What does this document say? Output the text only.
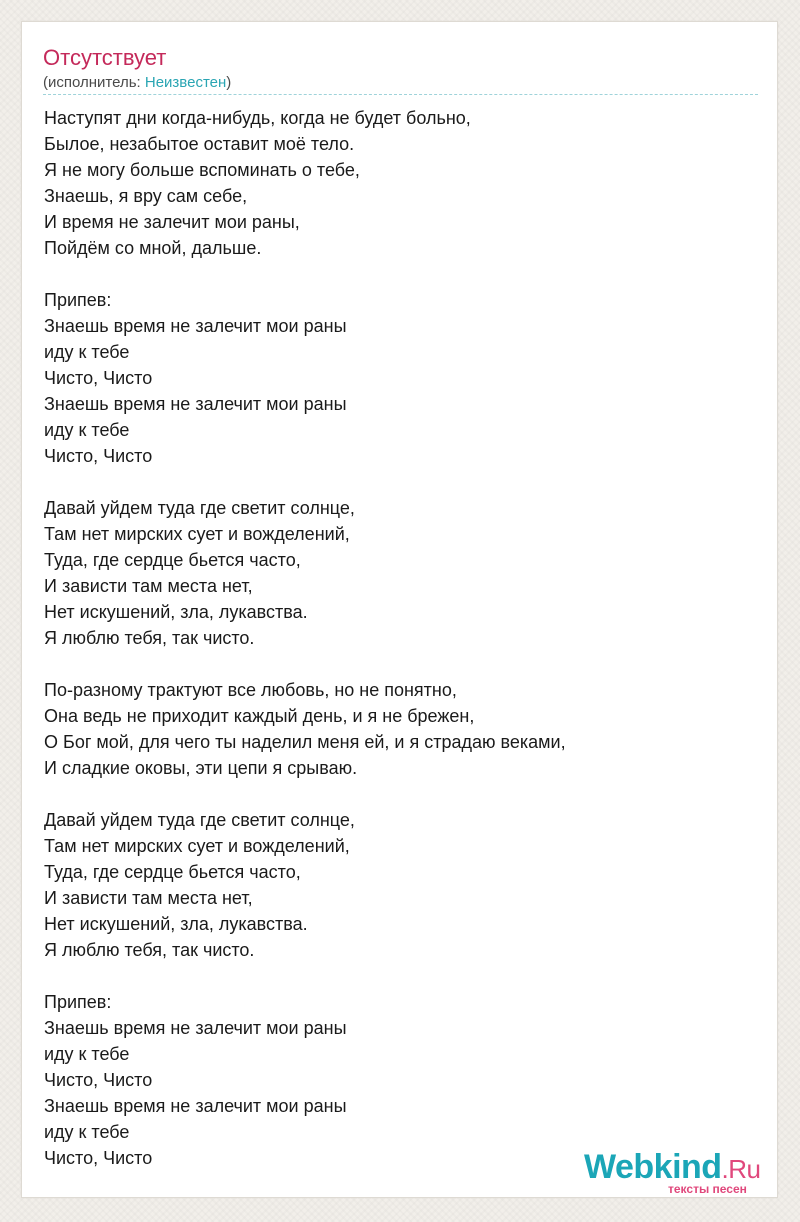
Отсутствует
(исполнитель: Неизвестен)
Наступят дни когда-нибудь, когда не будет больно,
Былое, незабытое оставит моё тело.
Я не могу больше вспоминать о тебе,
Знаешь, я вру сам себе,
И время не залечит мои раны,
Пойдём со мной, дальше.

Припев:
Знаешь время не залечит мои раны
иду к тебе
Чисто, Чисто
Знаешь время не залечит мои раны
иду к тебе
Чисто, Чисто

Давай уйдем туда где светит солнце,
Там нет мирских сует и вожделений,
Туда, где сердце бьется часто,
И зависти там места нет,
Нет искушений, зла, лукавства.
Я люблю тебя, так чисто.

По-разному трактуют все любовь, но не понятно,
Она ведь не приходит каждый день, и я не брежен,
О Бог мой, для чего ты наделил меня ей, и я страдаю веками,
И сладкие оковы, эти цепи я срываю.

Давай уйдем туда где светит солнце,
Там нет мирских сует и вожделений,
Туда, где сердце бьется часто,
И зависти там места нет,
Нет искушений, зла, лукавства.
Я люблю тебя, так чисто.

Припев:
Знаешь время не залечит мои раны
иду к тебе
Чисто, Чисто
Знаешь время не залечит мои раны
иду к тебе
Чисто, Чисто	Webkind.Ru
тексты песен
